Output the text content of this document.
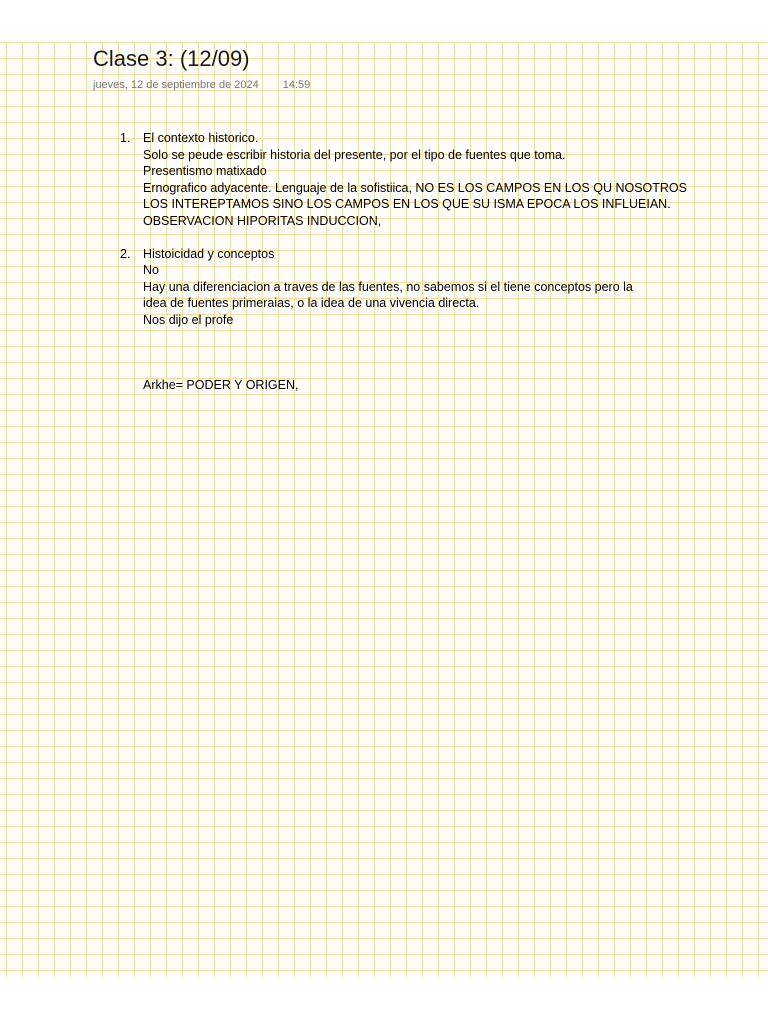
Clase 3: (12/09)
jueves, 12 de septiembre de 2024 14:59
1. El contexto historico.
Solo se peude escribir historia del presente, por el tipo de fuentes que toma.
Presentismo matixado
Ernografico adyacente. Lenguaje de la sofistiica, NO ES LOS CAMPOS EN LOS QU NOSOTROS
LOS INTEREPTAMOS SINO LOS CAMPOS EN LOS QUE SU ISMA EPOCA LOS INFLUEIAN.
OBSERVACION HIPORITAS INDUCCION,
2. Histoicidad y conceptos
No
Hay una diferenciacion a traves de las fuentes, no sabemos si el tiene conceptos pero la
idea de fuentes primeraias, o la idea de una vivencia directa.
Nos dijo el profe
Arkhe= PODER Y ORIGEN,
